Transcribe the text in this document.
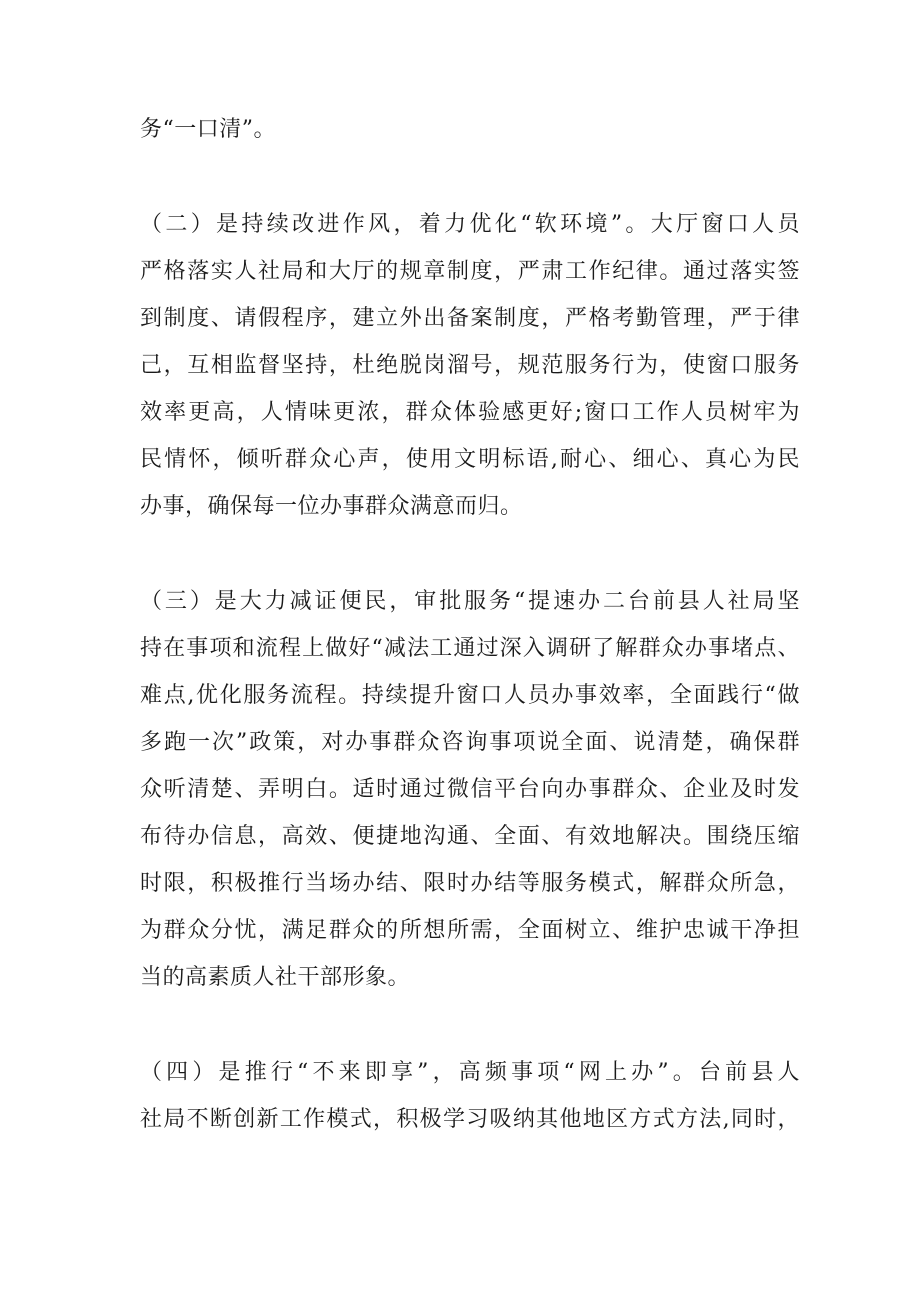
务“一口清”。

（二）是持续改进作风，着力优化“软环境”。大厅窗口人员

严格落实人社局和大厅的规章制度，严肃工作纪律。通过落实签

到制度、请假程序，建立外出备案制度，严格考勤管理，严于律

己，互相监督坚持，杜绝脱岗溜号，规范服务行为，使窗口服务

效率更高，人情味更浓，群众体验感更好;窗口工作人员树牢为

民情怀，倾听群众心声，使用文明标语,耐心、细心、真心为民

办事，确保每一位办事群众满意而归。

（三）是大力减证便民，审批服务“提速办二台前县人社局坚

持在事项和流程上做好“减法工通过深入调研了解群众办事堵点、

难点,优化服务流程。持续提升窗口人员办事效率，全面践行“做

多跑一次”政策，对办事群众咨询事项说全面、说清楚，确保群

众听清楚、弄明白。适时通过微信平台向办事群众、企业及时发

布待办信息，高效、便捷地沟通、全面、有效地解决。围绕压缩

时限，积极推行当场办结、限时办结等服务模式，解群众所急，

为群众分忧，满足群众的所想所需，全面树立、维护忠诚干净担

当的高素质人社干部形象。

（四）是推行“不来即享”，高频事项“网上办”。台前县人

社局不断创新工作模式，积极学习吸纳其他地区方式方法,同时，
